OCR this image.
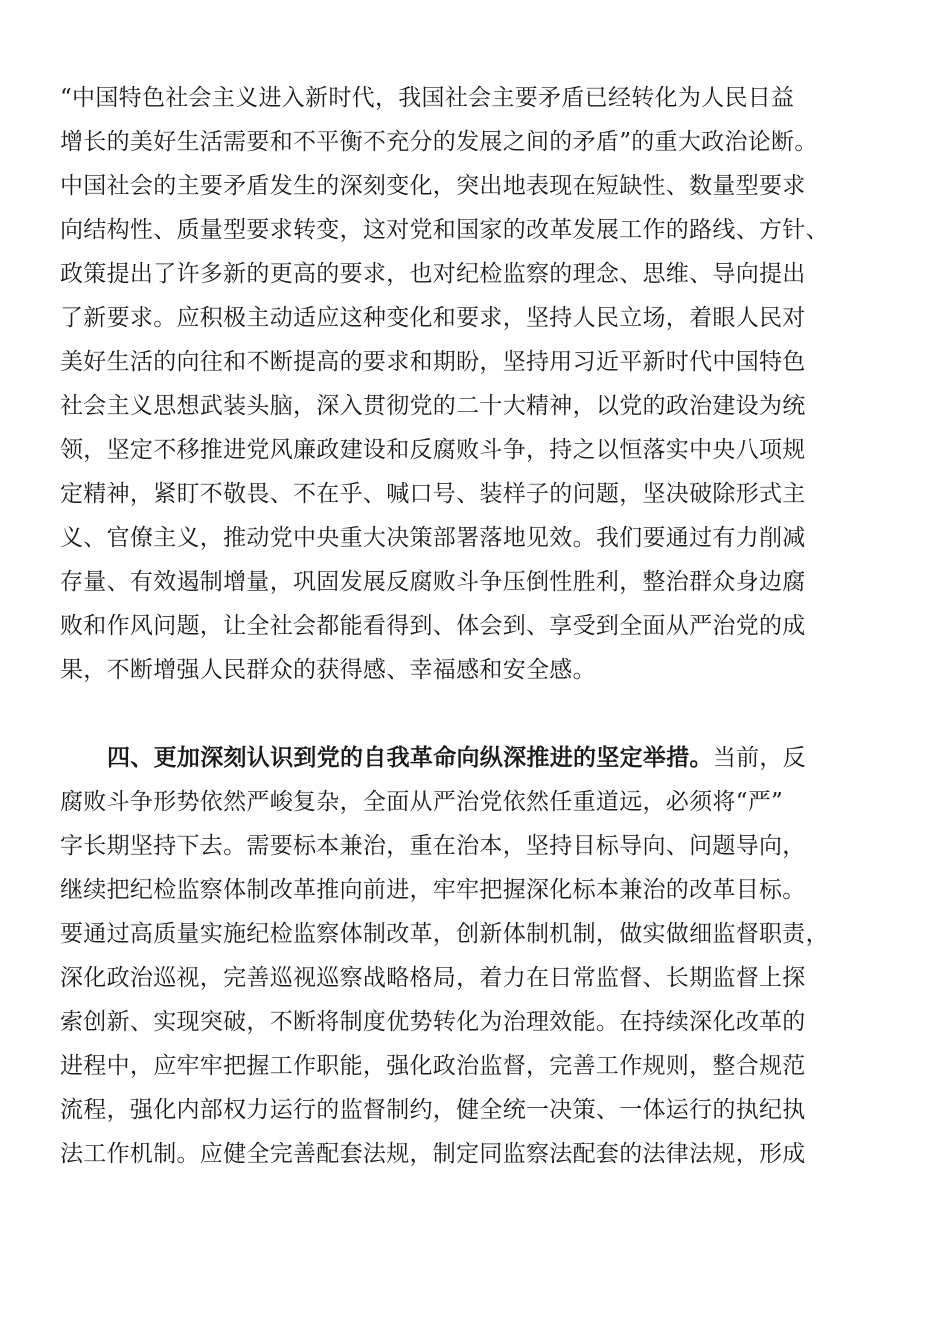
“中国特色社会主义进入新时代，我国社会主要矛盾已经转化为人民日益
增长的美好生活需要和不平衡不充分的发展之间的矛盾”的重大政治论断。
中国社会的主要矛盾发生的深刻变化，突出地表现在短缺性、数量型要求
向结构性、质量型要求转变，这对党和国家的改革发展工作的路线、方针、
政策提出了许多新的更高的要求，也对纪检监察的理念、思维、导向提出
了新要求。应积极主动适应这种变化和要求，坚持人民立场，着眼人民对
美好生活的向往和不断提高的要求和期盼，坚持用习近平新时代中国特色
社会主义思想武装头脑，深入贯彻党的二十大精神，以党的政治建设为统
领，坚定不移推进党风廉政建设和反腐败斗争，持之以恒落实中央八项规
定精神，紧盯不敬畏、不在乎、喊口号、装样子的问题，坚决破除形式主
义、官僚主义，推动党中央重大决策部署落地见效。我们要通过有力削减
存量、有效遏制增量，巩固发展反腐败斗争压倒性胜利，整治群众身边腐
败和作风问题，让全社会都能看得到、体会到、享受到全面从严治党的成
果，不断增强人民群众的获得感、幸福感和安全感。
四、更加深刻认识到党的自我革命向纵深推进的坚定举措。当前，反
腐败斗争形势依然严峻复杂，全面从严治党依然任重道远，必须将“严”
字长期坚持下去。需要标本兼治，重在治本，坚持目标导向、问题导向，
继续把纪检监察体制改革推向前进，牢牢把握深化标本兼治的改革目标。
要通过高质量实施纪检监察体制改革，创新体制机制，做实做细监督职责，
深化政治巡视，完善巡视巡察战略格局，着力在日常监督、长期监督上探
索创新、实现突破，不断将制度优势转化为治理效能。在持续深化改革的
进程中，应牢牢把握工作职能，强化政治监督，完善工作规则，整合规范
流程，强化内部权力运行的监督制约，健全统一决策、一体运行的执纪执
法工作机制。应健全完善配套法规，制定同监察法配套的法律法规，形成
